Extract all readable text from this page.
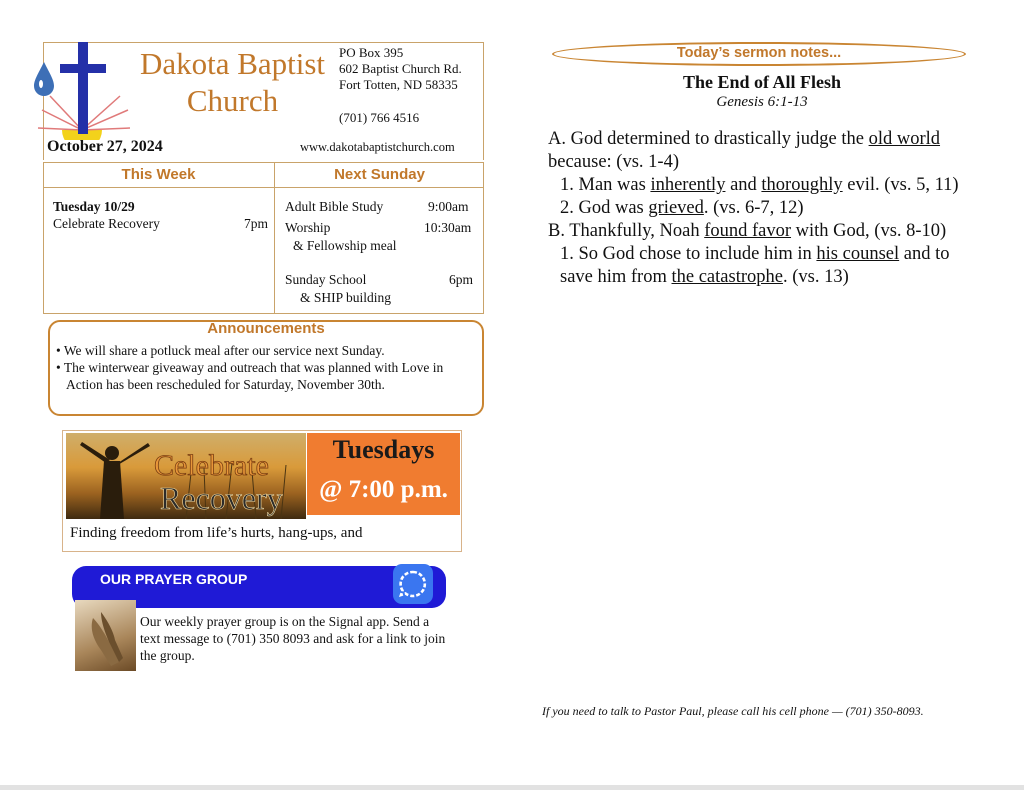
Dakota Baptist
Church
PO Box 395
602 Baptist Church Rd.
Fort Totten, ND 58335
(701) 766 4516
October 27, 2024	www.dakotabaptistchurch.com
This Week	Next Sunday
Tuesday 10/29
Celebrate Recovery	7pm
Adult Bible Study	9:00am
Worship	10:30am
& Fellowship meal
Sunday School	6pm
& SHIP building
Announcements
• We will share a potluck meal after our service next Sunday.
• The winterwear giveaway and outreach that was planned with Love in Action has been rescheduled for Saturday, November 30th.
Celebrate
Recovery
Tuesdays
@ 7:00 p.m.
Finding freedom from life’s hurts, hang-ups, and
OUR PRAYER GROUP
Our weekly prayer group is on the Signal app. Send a text message to (701) 350 8093 and ask for a link to join the group.
Today’s sermon notes...
The End of All Flesh
Genesis 6:1-13
A. God determined to drastically judge the old world because: (vs. 1-4)
1. Man was inherently and thoroughly evil. (vs. 5, 11)
2. God was grieved. (vs. 6-7, 12)
B. Thankfully, Noah found favor with God, (vs. 8-10)
1. So God chose to include him in his counsel and to save him from the catastrophe. (vs. 13)
If you need to talk to Pastor Paul, please call his cell phone — (701) 350-8093.
